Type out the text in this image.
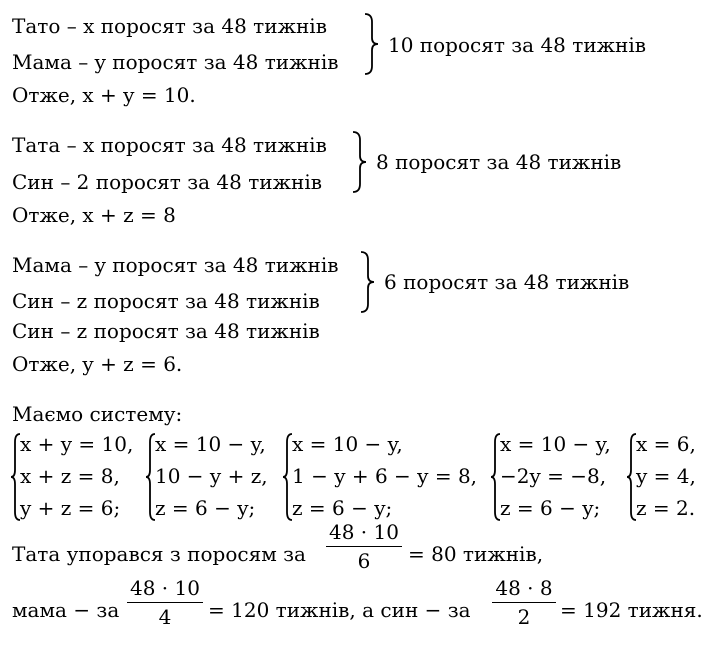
Тато – x поросят за 48 тижнів
Мама – y поросят за 48 тижнів
10 поросят за 48 тижнів
Отже, x + y = 10.
Тата – x поросят за 48 тижнів
Син – 2 поросят за 48 тижнів
8 поросят за 48 тижнів
Отже, x + z = 8
Мама – y поросят за 48 тижнів
Син – z поросят за 48 тижнів
6 поросят за 48 тижнів
Син – z поросят за 48 тижнів
Отже, y + z = 6.
Маємо систему:
x + y = 10,
x + z = 8,
y + z = 6;
x = 10 − y,
10 − y + z,
z = 6 − y;
x = 10 − y,
1 − y + 6 − y = 8,
z = 6 − y;
x = 10 − y,
−2y = −8,
z = 6 − y;
x = 6,
y = 4,
z = 2.
Тата упорався з поросям за
48 · 10
6	= 80 тижнів,
мама − за
48 · 10
4	= 120 тижнів, а син − за
48 · 8
2	= 192 тижня.
